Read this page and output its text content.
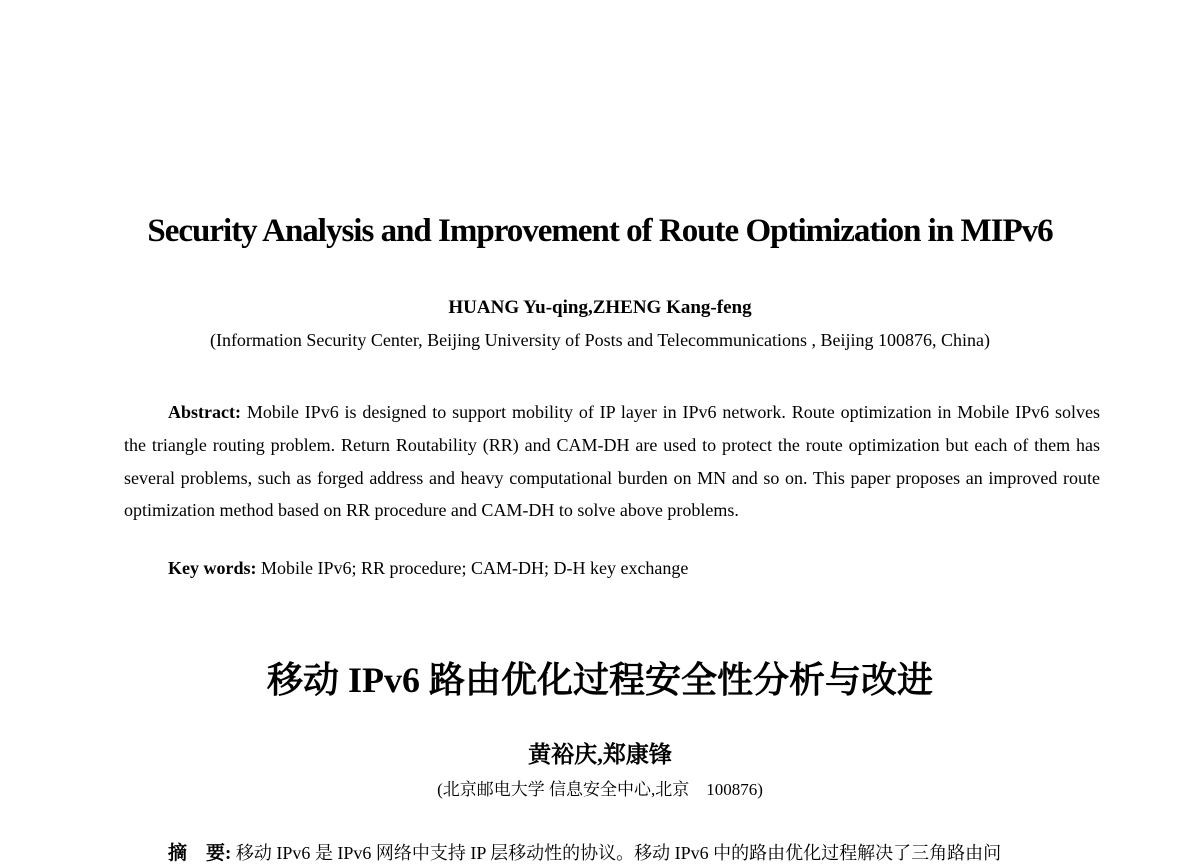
Security Analysis and Improvement of Route Optimization in MIPv6

HUANG Yu-qing,ZHENG Kang-feng

(Information Security Center, Beijing University of Posts and Telecommunications , Beijing 100876, China)

Abstract: Mobile IPv6 is designed to support mobility of IP layer in IPv6 network. Route optimization in Mobile IPv6 solves the triangle routing problem. Return Routability (RR) and CAM-DH are used to protect the route optimization but each of them has several problems, such as forged address and heavy computational burden on MN and so on. This paper proposes an improved route optimization method based on RR procedure and CAM-DH to solve above problems.

Key words: Mobile IPv6; RR procedure; CAM-DH; D-H key exchange

移动 IPv6 路由优化过程安全性分析与改进

黄裕庆,郑康锋

(北京邮电大学 信息安全中心,北京　100876)

摘　要: 移动 IPv6 是 IPv6 网络中支持 IP 层移动性的协议。移动 IPv6 中的路由优化过程解决了三角路由问
